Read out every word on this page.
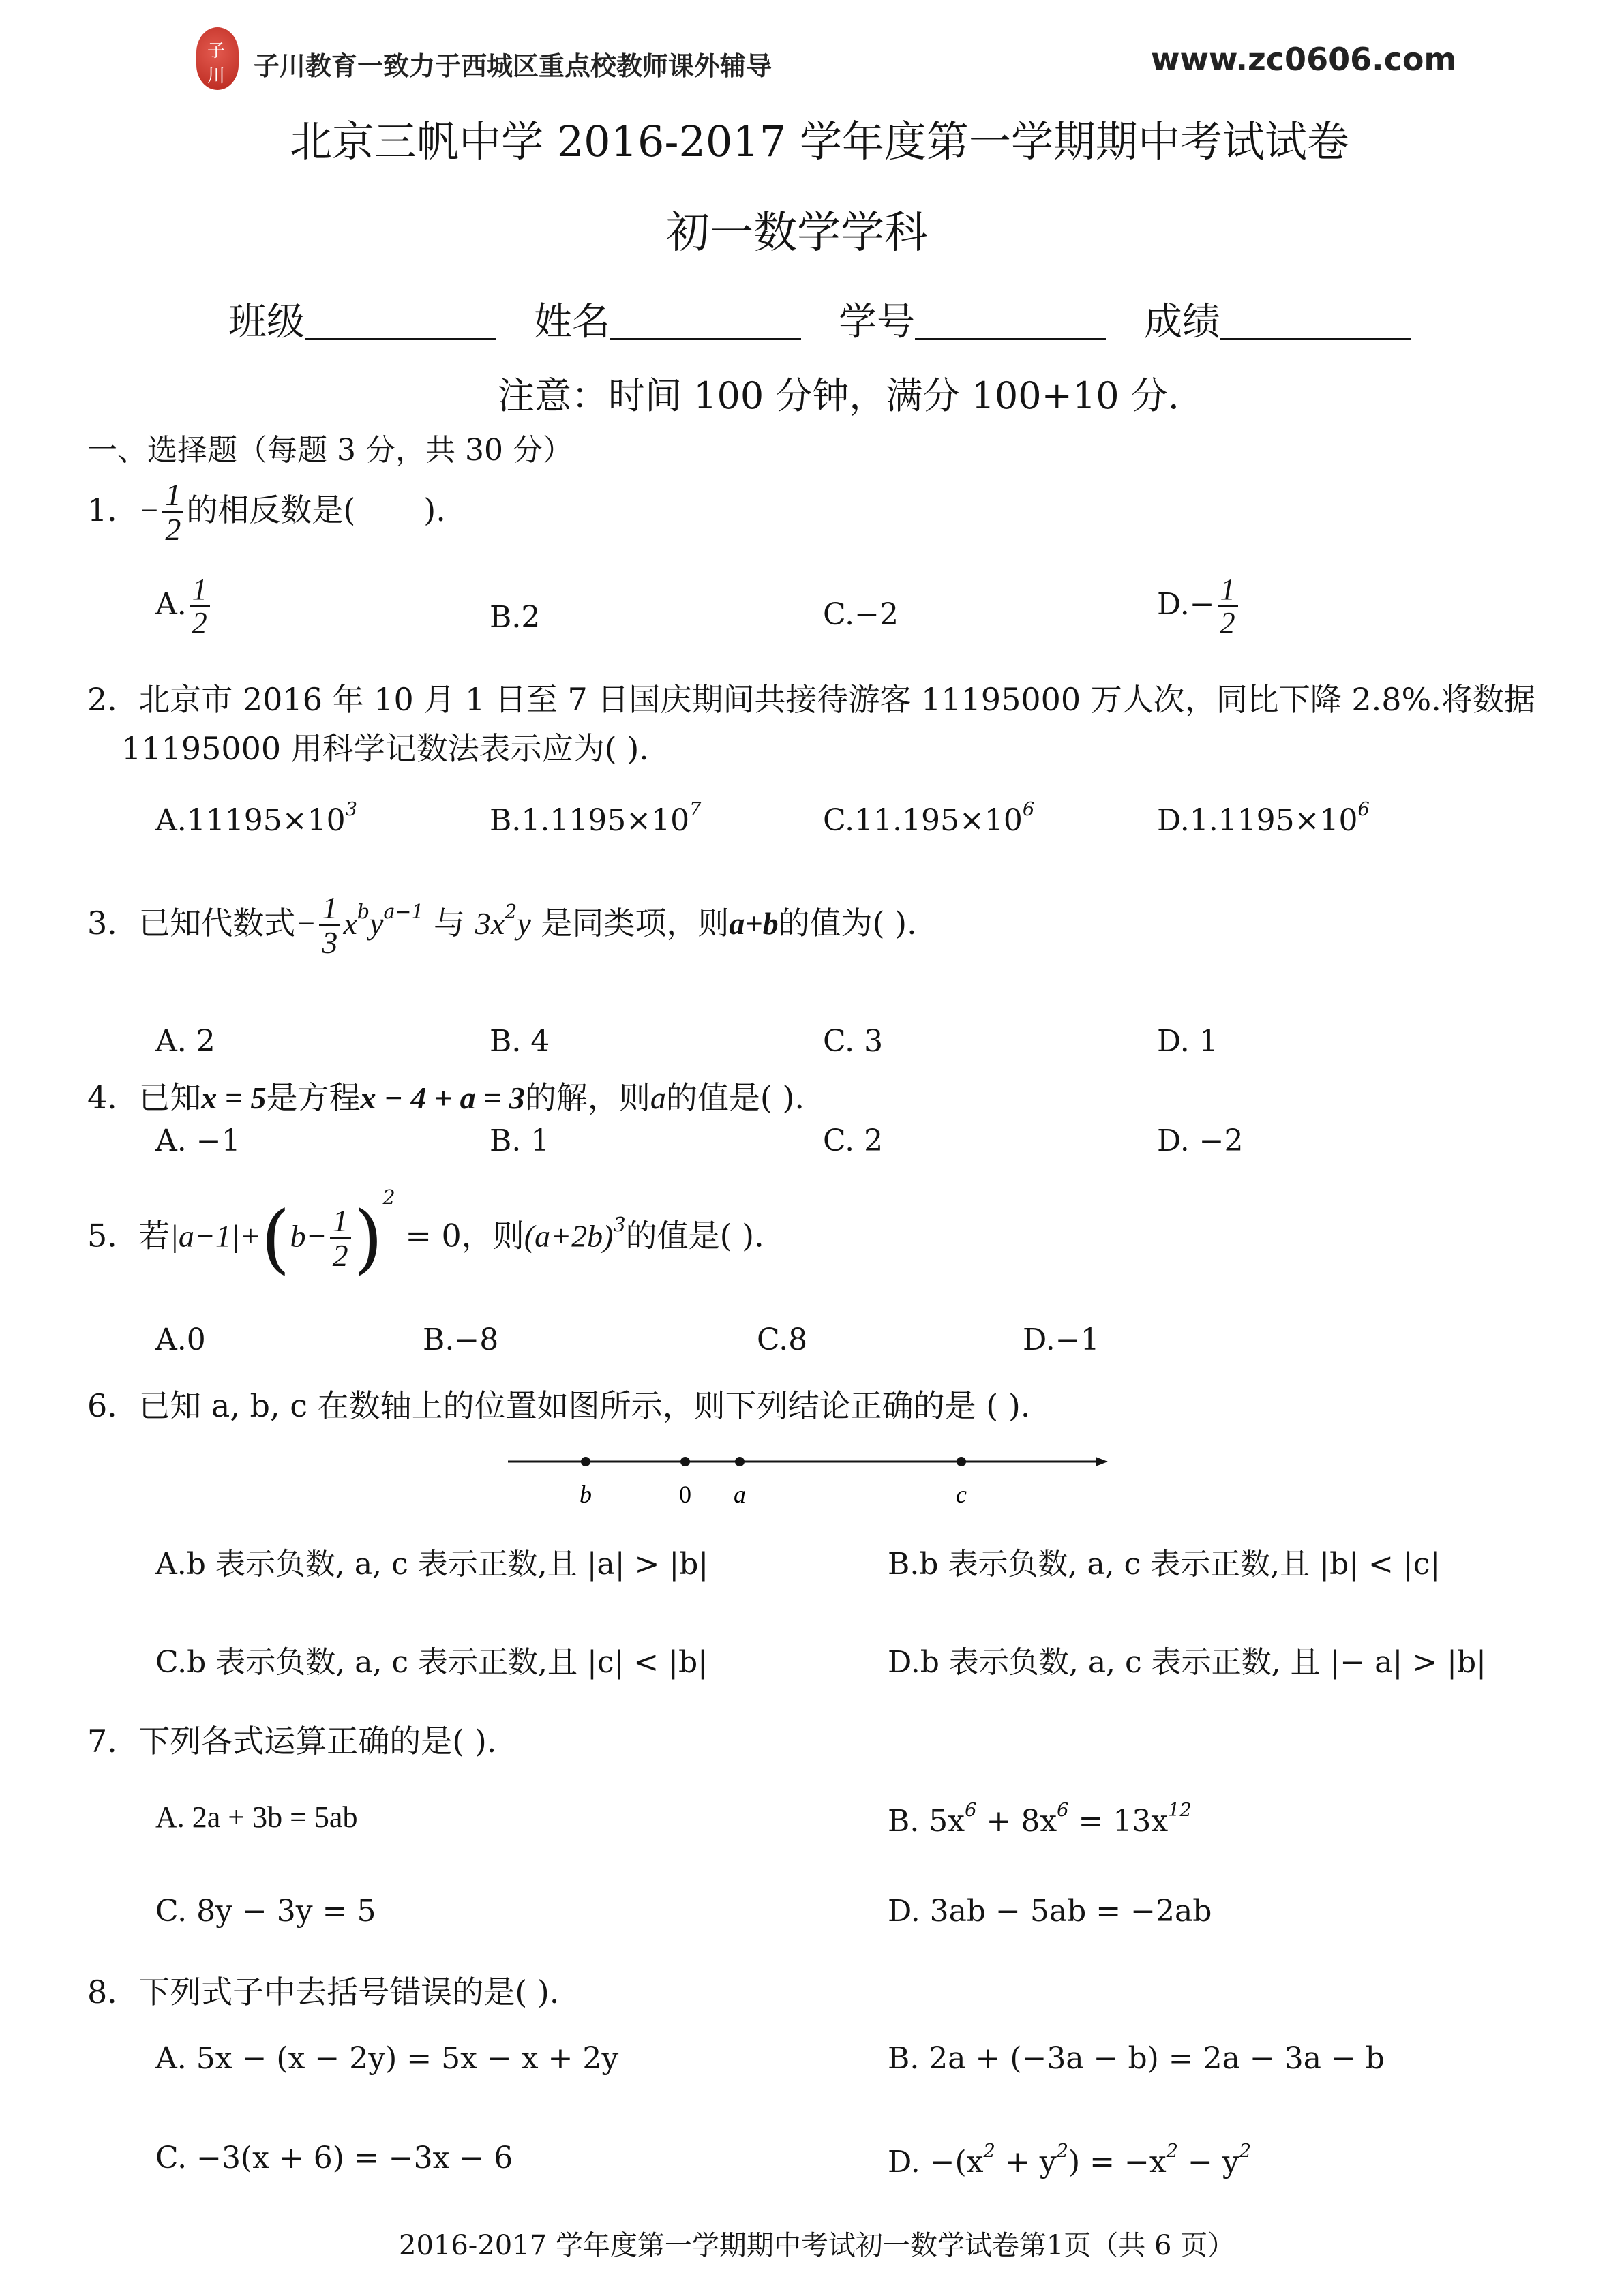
子川	子川教育一致力于西城区重点校教师课外辅导	www.zc0606.com
北京三帆中学 2016-2017 学年度第一学期期中考试试卷
初一数学学科
班级	姓名	学号	成绩
注意：时间 100 分钟，满分 100+10 分.
一、选择题（每题 3 分，共 30 分）
1．− $\frac{1}{2}$ 的相反数是( ).
A. $\frac{1}{2}$	B.2	C.−2	$D.- \frac{1}{2}$
2．北京市 2016 年 10 月 1 日至 7 日国庆期间共接待游客 11195000 万人次，同比下降 2.8%.将数据
11195000 用科学记数法表示应为( ).
$A.11195\times 10^3$	$B.1.1195\times 10^7$	$C.11.195\times 10^6$	$D.1.1195\times 10^6$
3．已知代数式− $\frac{1}{3} x^by^{a-1}$ 与 $3x^2y$ 是同类项，则a+b的值为( ).
A. 2	B. 4	C. 3	D. 1
4．已知x = 5是方程x − 4 + a = 3的解，则a的值是( ).
A. −1	B. 1	C. 2	D. −2
5．若$|a-1|+(b- \frac{1}{2} )^2 = 0$，则$(a+2b)^3$的值是( ).
A.0	B.−8	C.8	D.−1
6．已知 a, b, c 在数轴上的位置如图所示，则下列结论正确的是 ( ).
b	0 a	c
A.b 表示负数, a, c 表示正数,且 |a| > |b|	B.b 表示负数, a, c 表示正数,且 |b| < |c|
C.b 表示负数, a, c 表示正数,且 |c| < |b|	D.b 表示负数, a, c 表示正数, 且 |− a| > |b|
7．下列各式运算正确的是( ).
A. 2a + 3b = 5ab	B. $5x^6 + 8x^6 = 13x^{12}$
C. 8y − 3y = 5	D. 3ab − 5ab = −2ab
8．下列式子中去括号错误的是( ).
A. 5x − (x − 2y) = 5x − x + 2y	B. 2a + (−3a − b) = 2a − 3a − b
C. −3(x + 6) = −3x − 6	D. $-(x^2 + y^2) = -x^2 - y^2$
2016-2017 学年度第一学期期中考试初一数学试卷第1页（共 6 页）
